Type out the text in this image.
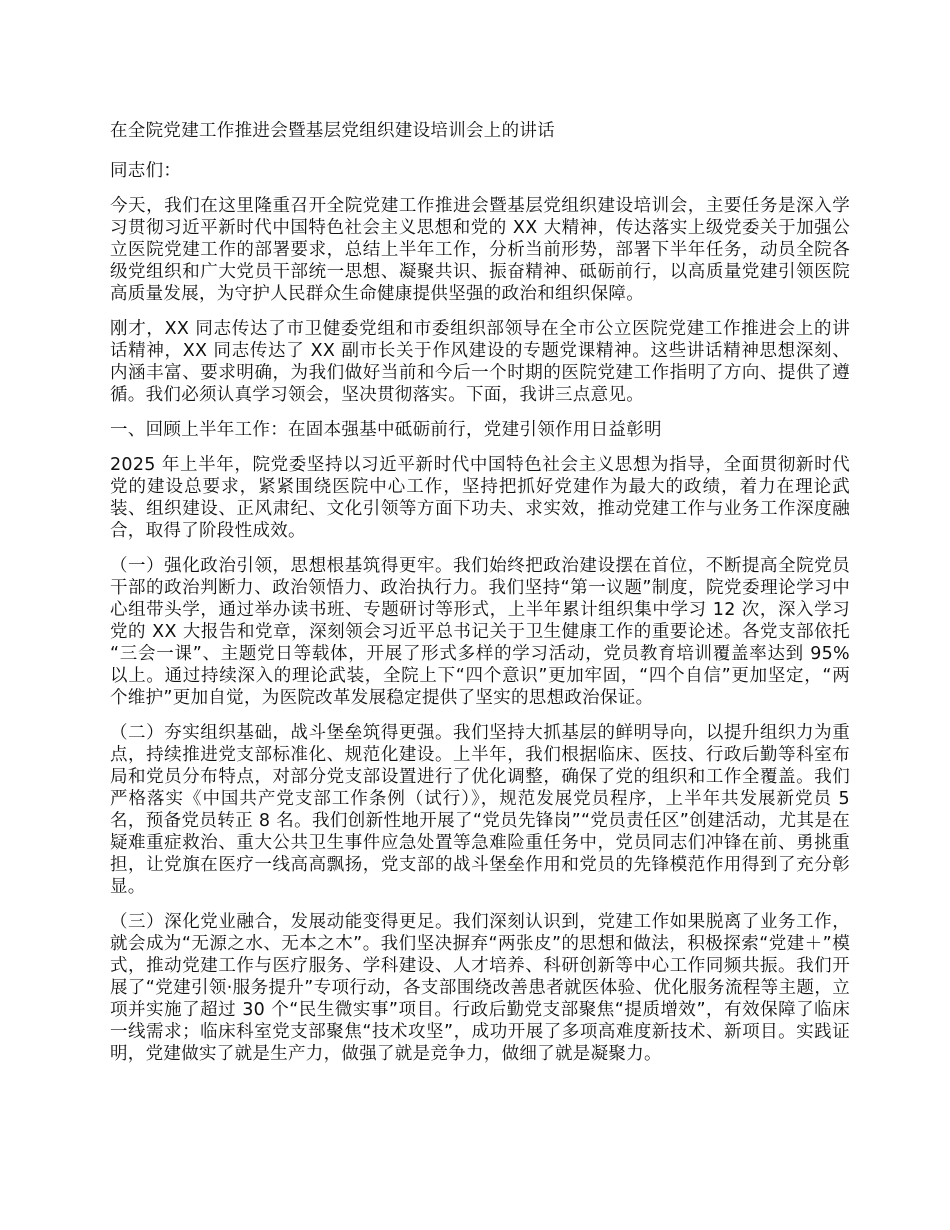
在全院党建工作推进会暨基层党组织建设培训会上的讲话

同志们：

今天，我们在这里隆重召开全院党建工作推进会暨基层党组织建设培训会，主要任务是深入学习贯彻习近平新时代中国特色社会主义思想和党的 XX 大精神，传达落实上级党委关于加强公立医院党建工作的部署要求，总结上半年工作，分析当前形势，部署下半年任务，动员全院各级党组织和广大党员干部统一思想、凝聚共识、振奋精神、砥砺前行，以高质量党建引领医院高质量发展，为守护人民群众生命健康提供坚强的政治和组织保障。

刚才，XX 同志传达了市卫健委党组和市委组织部领导在全市公立医院党建工作推进会上的讲话精神，XX 同志传达了 XX 副市长关于作风建设的专题党课精神。这些讲话精神思想深刻、内涵丰富、要求明确，为我们做好当前和今后一个时期的医院党建工作指明了方向、提供了遵循。我们必须认真学习领会，坚决贯彻落实。下面，我讲三点意见。

一、回顾上半年工作：在固本强基中砥砺前行，党建引领作用日益彰明

2025 年上半年，院党委坚持以习近平新时代中国特色社会主义思想为指导，全面贯彻新时代党的建设总要求，紧紧围绕医院中心工作，坚持把抓好党建作为最大的政绩，着力在理论武装、组织建设、正风肃纪、文化引领等方面下功夫、求实效，推动党建工作与业务工作深度融合，取得了阶段性成效。

（一）强化政治引领，思想根基筑得更牢。我们始终把政治建设摆在首位，不断提高全院党员干部的政治判断力、政治领悟力、政治执行力。我们坚持“第一议题”制度，院党委理论学习中心组带头学，通过举办读书班、专题研讨等形式，上半年累计组织集中学习 12 次，深入学习党的 XX 大报告和党章，深刻领会习近平总书记关于卫生健康工作的重要论述。各党支部依托“三会一课”、主题党日等载体，开展了形式多样的学习活动，党员教育培训覆盖率达到 95%以上。通过持续深入的理论武装，全院上下“四个意识”更加牢固，“四个自信”更加坚定，“两个维护”更加自觉，为医院改革发展稳定提供了坚实的思想政治保证。

（二）夯实组织基础，战斗堡垒筑得更强。我们坚持大抓基层的鲜明导向，以提升组织力为重点，持续推进党支部标准化、规范化建设。上半年，我们根据临床、医技、行政后勤等科室布局和党员分布特点，对部分党支部设置进行了优化调整，确保了党的组织和工作全覆盖。我们严格落实《中国共产党支部工作条例（试行）》，规范发展党员程序，上半年共发展新党员 5 名，预备党员转正 8 名。我们创新性地开展了“党员先锋岗”“党员责任区”创建活动，尤其是在疑难重症救治、重大公共卫生事件应急处置等急难险重任务中，党员同志们冲锋在前、勇挑重担，让党旗在医疗一线高高飘扬，党支部的战斗堡垒作用和党员的先锋模范作用得到了充分彰显。

（三）深化党业融合，发展动能变得更足。我们深刻认识到，党建工作如果脱离了业务工作，就会成为“无源之水、无本之木”。我们坚决摒弃“两张皮”的思想和做法，积极探索“党建＋”模式，推动党建工作与医疗服务、学科建设、人才培养、科研创新等中心工作同频共振。我们开展了“党建引领·服务提升”专项行动，各支部围绕改善患者就医体验、优化服务流程等主题，立项并实施了超过 30 个“民生微实事”项目。行政后勤党支部聚焦“提质增效”，有效保障了临床一线需求；临床科室党支部聚焦“技术攻坚”，成功开展了多项高难度新技术、新项目。实践证明，党建做实了就是生产力，做强了就是竞争力，做细了就是凝聚力。
